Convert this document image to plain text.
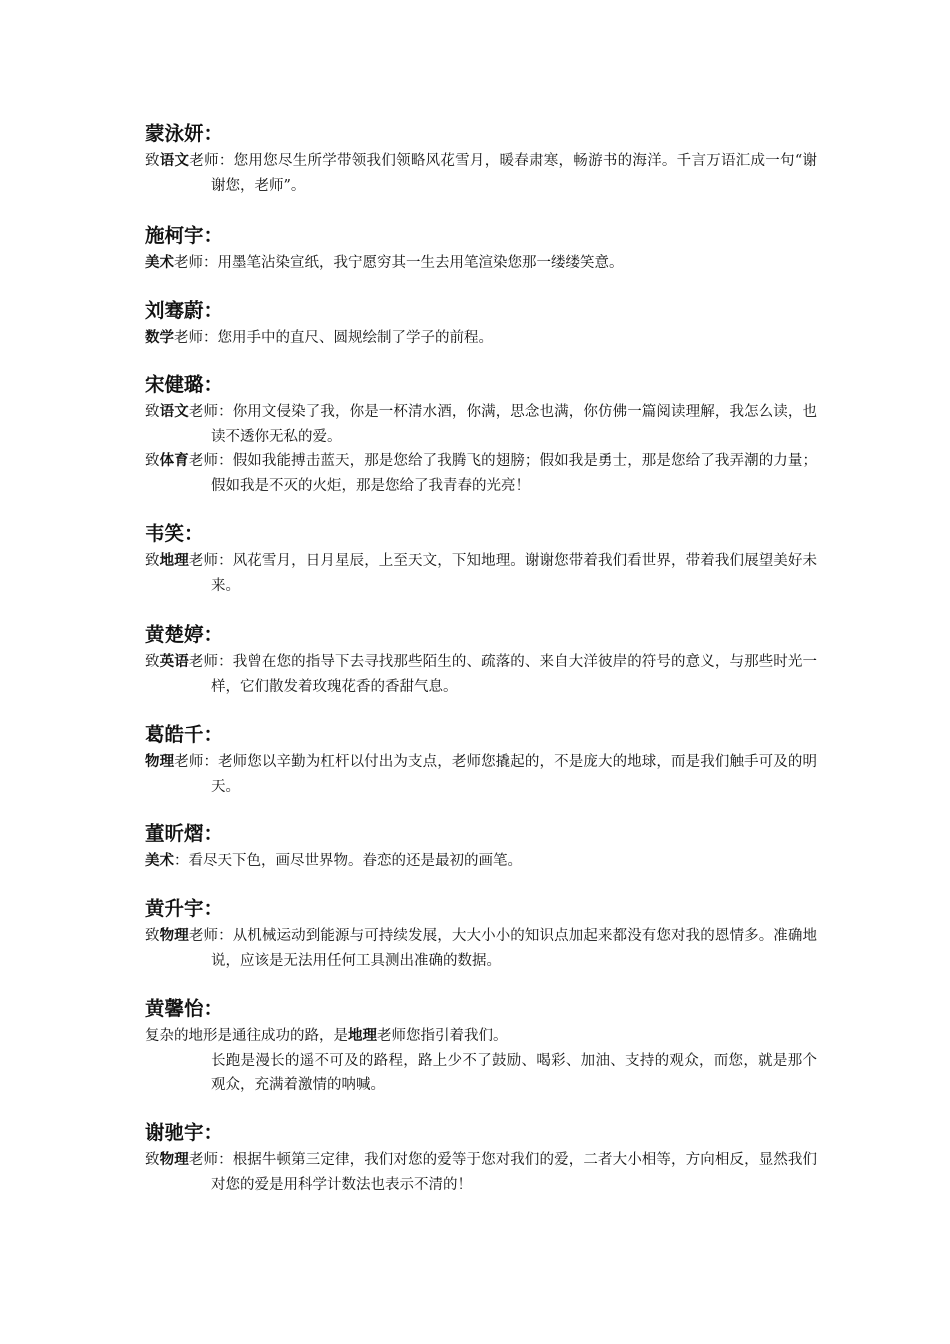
蒙泳妍：

致语文老师：您用您尽生所学带领我们领略风花雪月，暖春肃寒，畅游书的海洋。千言万语汇成一句“谢谢您，老师”。

施柯宇：

美术老师：用墨笔沾染宣纸，我宁愿穷其一生去用笔渲染您那一缕缕笑意。

刘骞蔚：

数学老师：您用手中的直尺、圆规绘制了学子的前程。

宋健璐：

致语文老师：你用文侵染了我，你是一杯清水酒，你满，思念也满，你仿佛一篇阅读理解，我怎么读，也读不透你无私的爱。

致体育老师：假如我能搏击蓝天，那是您给了我腾飞的翅膀；假如我是勇士，那是您给了我弄潮的力量；假如我是不灭的火炬，那是您给了我青春的光亮！

韦笑：

致地理老师：风花雪月，日月星辰，上至天文，下知地理。谢谢您带着我们看世界，带着我们展望美好未来。

黄楚婷：

致英语老师：我曾在您的指导下去寻找那些陌生的、疏落的、来自大洋彼岸的符号的意义，与那些时光一样，它们散发着玫瑰花香的香甜气息。

葛皓千：

物理老师：老师您以辛勤为杠杆以付出为支点，老师您撬起的，不是庞大的地球，而是我们触手可及的明天。

董昕熠：

美术：看尽天下色，画尽世界物。眷恋的还是最初的画笔。

黄升宇：

致物理老师：从机械运动到能源与可持续发展，大大小小的知识点加起来都没有您对我的恩情多。准确地说，应该是无法用任何工具测出准确的数据。

黄馨怡：

复杂的地形是通往成功的路，是地理老师您指引着我们。

长跑是漫长的遥不可及的路程，路上少不了鼓励、喝彩、加油、支持的观众，而您，就是那个观众，充满着激情的呐喊。

谢驰宇：

致物理老师：根据牛顿第三定律，我们对您的爱等于您对我们的爱，二者大小相等，方向相反，显然我们对您的爱是用科学计数法也表示不清的！
